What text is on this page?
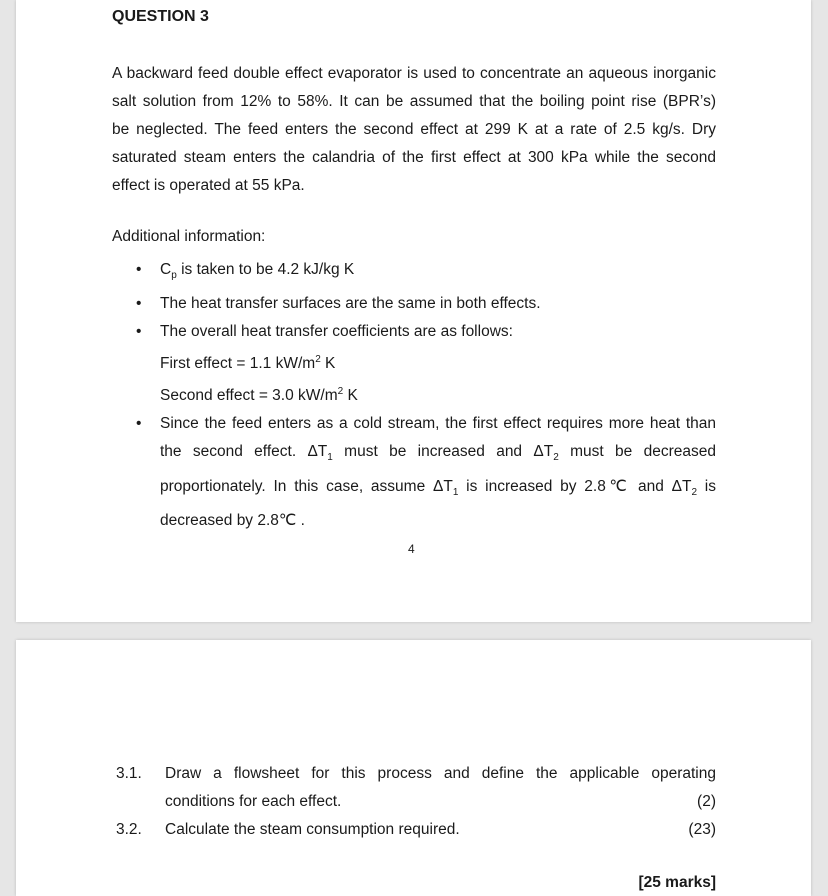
QUESTION 3
A backward feed double effect evaporator is used to concentrate an aqueous inorganic
salt solution from 12% to 58%. It can be assumed that the boiling point rise (BPR’s)
be neglected. The feed enters the second effect at 299 K at a rate of 2.5 kg/s. Dry
saturated steam enters the calandria of the first effect at 300 kPa while the second
effect is operated at 55 kPa.
Additional information:
• $C_p$ is taken to be 4.2 kJ/kg K
• The heat transfer surfaces are the same in both effects.
• The overall heat transfer coefficients are as follows:
First effect = 1.1 $kW/m^2$ K
Second effect = 3.0 $kW/m^2$ K
• Since the feed enters as a cold stream, the first effect requires more heat than
the second effect. $\Delta T_1$ must be increased and $\Delta T_2$ must be decreased
proportionately. In this case, assume $\Delta T_1$ is increased by 2.8℃ and $\Delta T_2$ is
decreased by 2.8℃ .
4
3.1. Draw a flowsheet for this process and define the applicable operating
conditions for each effect.	(2)
3.2. Calculate the steam consumption required.	(23)
[25 marks]
